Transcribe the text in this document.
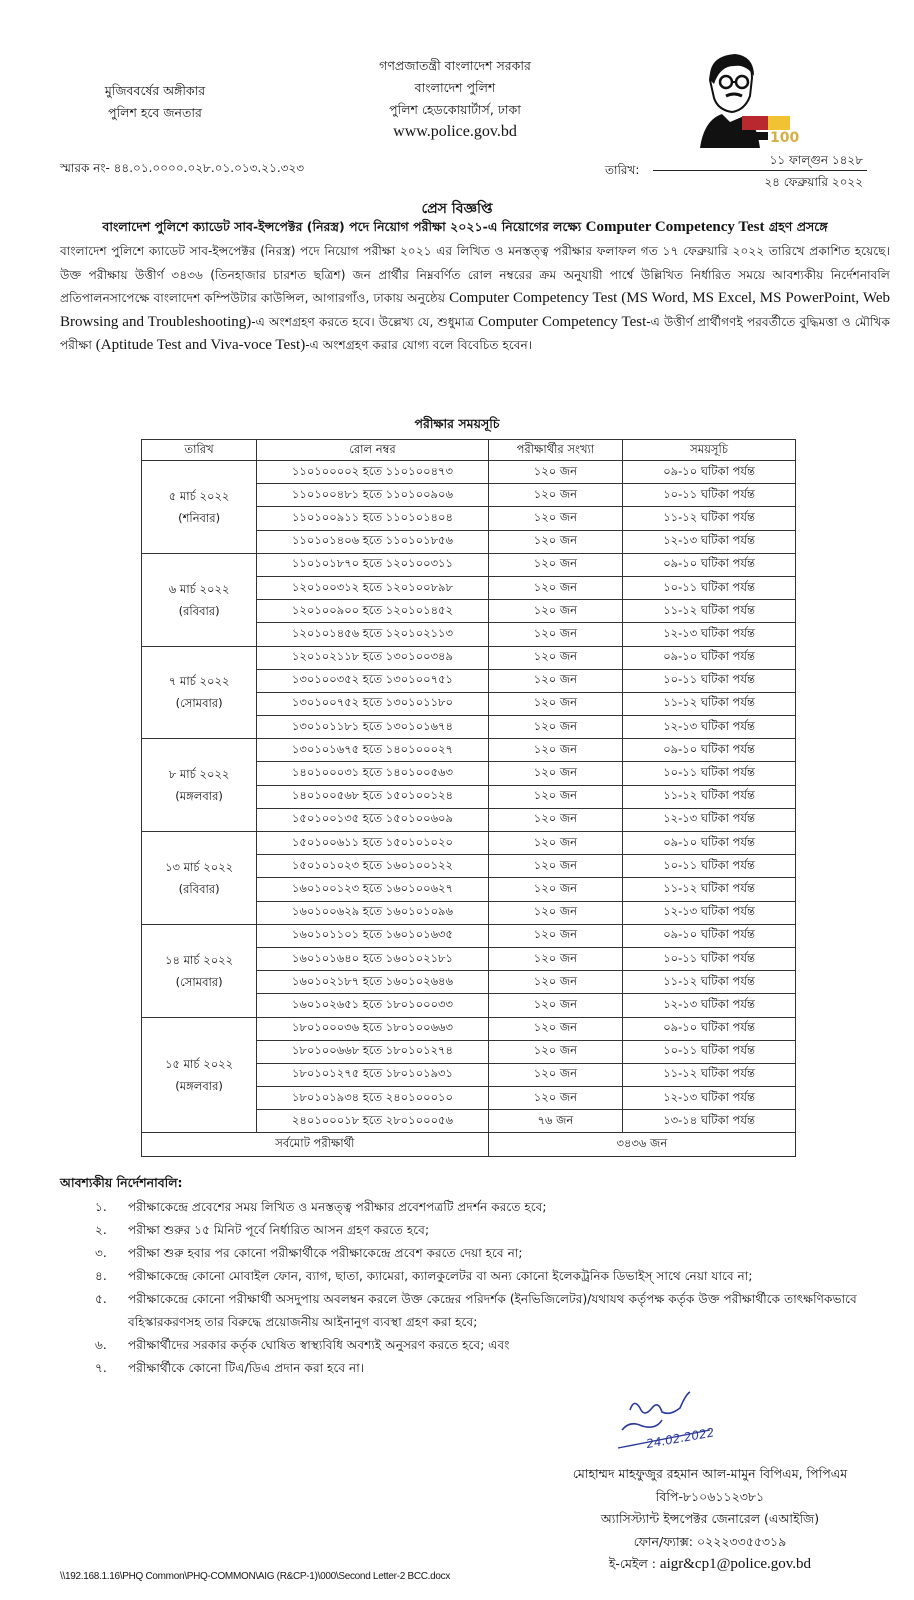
মুজিববর্ষের অঙ্গীকার
পুলিশ হবে জনতার
গণপ্রজাতন্ত্রী বাংলাদেশ সরকার
বাংলাদেশ পুলিশ
পুলিশ হেডকোয়ার্টার্স, ঢাকা
www.police.gov.bd	100
স্মারক নং- ৪৪.০১.০০০০.০২৮.০১.০১৩.২১.৩২৩	তারিখ:
১১ ফাল্গুন ১৪২৮
২৪ ফেব্রুয়ারি ২০২২
প্রেস বিজ্ঞপ্তি
বাংলাদেশ পুলিশে ক্যাডেট সাব-ইন্সপেক্টর (নিরস্ত্র) পদে নিয়োগ পরীক্ষা ২০২১-এ নিয়োগের লক্ষ্যে Computer Competency Test গ্রহণ প্রসঙ্গে
বাংলাদেশ পুলিশে ক্যাডেট সাব-ইন্সপেক্টর (নিরস্ত্র) পদে নিয়োগ পরীক্ষা ২০২১ এর লিখিত ও মনস্তত্ত্ব পরীক্ষার ফলাফল গত ১৭ ফেব্রুয়ারি ২০২২ তারিখে প্রকাশিত হয়েছে। উক্ত পরীক্ষায় উত্তীর্ণ ৩৪৩৬ (তিনহাজার চারশত ছত্রিশ) জন প্রার্থীর নিম্নবর্ণিত রোল নম্বরের ক্রম অনুযায়ী পার্শ্বে উল্লিখিত নির্ধারিত সময়ে আবশ্যকীয় নির্দেশনাবলি প্রতিপালনসাপেক্ষে বাংলাদেশ কম্পিউটার কাউন্সিল, আগারগাঁও, ঢাকায় অনুষ্ঠেয় Computer Competency Test (MS Word, MS Excel, MS PowerPoint, Web Browsing and Troubleshooting)-এ অংশগ্রহণ করতে হবে। উল্লেখ্য যে, শুধুমাত্র Computer Competency Test-এ উত্তীর্ণ প্রার্থীগণই পরবর্তীতে বুদ্ধিমত্তা ও মৌখিক পরীক্ষা (Aptitude Test and Viva-voce Test)-এ অংশগ্রহণ করার যোগ্য বলে বিবেচিত হবেন।
পরীক্ষার সময়সূচি
তারিখ	রোল নম্বর	পরীক্ষার্থীর সংখ্যা	সময়সূচি

৫ মার্চ ২০২২
(শনিবার)	১১০১০০০০২ হতে ১১০১০০৪৭৩	১২০ জন	০৯-১০ ঘটিকা পর্যন্ত
	১১০১০০৪৮১ হতে ১১০১০০৯০৬	১২০ জন	১০-১১ ঘটিকা পর্যন্ত
	১১০১০০৯১১ হতে ১১০১০১৪০৪	১২০ জন	১১-১২ ঘটিকা পর্যন্ত
	১১০১০১৪০৬ হতে ১১০১০১৮৫৬	১২০ জন	১২-১৩ ঘটিকা পর্যন্ত

৬ মার্চ ২০২২
(রবিবার)	১১০১০১৮৭০ হতে ১২০১০০৩১১	১২০ জন	০৯-১০ ঘটিকা পর্যন্ত
	১২০১০০৩১২ হতে ১২০১০০৮৯৮	১২০ জন	১০-১১ ঘটিকা পর্যন্ত
	১২০১০০৯০০ হতে ১২০১০১৪৫২	১২০ জন	১১-১২ ঘটিকা পর্যন্ত
	১২০১০১৪৫৬ হতে ১২০১০২১১৩	১২০ জন	১২-১৩ ঘটিকা পর্যন্ত

৭ মার্চ ২০২২
(সোমবার)	১২০১০২১১৮ হতে ১৩০১০০৩৪৯	১২০ জন	০৯-১০ ঘটিকা পর্যন্ত
	১৩০১০০৩৫২ হতে ১৩০১০০৭৫১	১২০ জন	১০-১১ ঘটিকা পর্যন্ত
	১৩০১০০৭৫২ হতে ১৩০১০১১৮০	১২০ জন	১১-১২ ঘটিকা পর্যন্ত
	১৩০১০১১৮১ হতে ১৩০১০১৬৭৪	১২০ জন	১২-১৩ ঘটিকা পর্যন্ত

৮ মার্চ ২০২২
(মঙ্গলবার)	১৩০১০১৬৭৫ হতে ১৪০১০০০২৭	১২০ জন	০৯-১০ ঘটিকা পর্যন্ত
	১৪০১০০০৩১ হতে ১৪০১০০৫৬৩	১২০ জন	১০-১১ ঘটিকা পর্যন্ত
	১৪০১০০৫৬৮ হতে ১৫০১০০১২৪	১২০ জন	১১-১২ ঘটিকা পর্যন্ত
	১৫০১০০১৩৫ হতে ১৫০১০০৬০৯	১২০ জন	১২-১৩ ঘটিকা পর্যন্ত

১৩ মার্চ ২০২২
(রবিবার)	১৫০১০০৬১১ হতে ১৫০১০১০২০	১২০ জন	০৯-১০ ঘটিকা পর্যন্ত
	১৫০১০১০২৩ হতে ১৬০১০০১২২	১২০ জন	১০-১১ ঘটিকা পর্যন্ত
	১৬০১০০১২৩ হতে ১৬০১০০৬২৭	১২০ জন	১১-১২ ঘটিকা পর্যন্ত
	১৬০১০০৬২৯ হতে ১৬০১০১০৯৬	১২০ জন	১২-১৩ ঘটিকা পর্যন্ত

১৪ মার্চ ২০২২
(সোমবার)	১৬০১০১১০১ হতে ১৬০১০১৬৩৫	১২০ জন	০৯-১০ ঘটিকা পর্যন্ত
	১৬০১০১৬৪০ হতে ১৬০১০২১৮১	১২০ জন	১০-১১ ঘটিকা পর্যন্ত
	১৬০১০২১৮৭ হতে ১৬০১০২৬৪৬	১২০ জন	১১-১২ ঘটিকা পর্যন্ত
	১৬০১০২৬৫১ হতে ১৮০১০০০৩৩	১২০ জন	১২-১৩ ঘটিকা পর্যন্ত

১৫ মার্চ ২০২২
(মঙ্গলবার)	১৮০১০০০৩৬ হতে ১৮০১০০৬৬৩	১২০ জন	০৯-১০ ঘটিকা পর্যন্ত
	১৮০১০০৬৬৮ হতে ১৮০১০১২৭৪	১২০ জন	১০-১১ ঘটিকা পর্যন্ত
	১৮০১০১২৭৫ হতে ১৮০১০১৯৩১	১২০ জন	১১-১২ ঘটিকা পর্যন্ত
	১৮০১০১৯৩৪ হতে ২৪০১০০০১০	১২০ জন	১২-১৩ ঘটিকা পর্যন্ত
	২৪০১০০০১৮ হতে ২৮০১০০০৫৬	৭৬ জন	১৩-১৪ ঘটিকা পর্যন্ত
সর্বমোট পরীক্ষার্থী		৩৪৩৬ জন	
আবশ্যকীয় নির্দেশনাবলি:
১.	পরীক্ষাকেন্দ্রে প্রবেশের সময় লিখিত ও মনস্তত্ত্ব পরীক্ষার প্রবেশপত্রটি প্রদর্শন করতে হবে;
২.	পরীক্ষা শুরুর ১৫ মিনিট পূর্বে নির্ধারিত আসন গ্রহণ করতে হবে;
৩.	পরীক্ষা শুরু হবার পর কোনো পরীক্ষার্থীকে পরীক্ষাকেন্দ্রে প্রবেশ করতে দেয়া হবে না;
৪.	পরীক্ষাকেন্দ্রে কোনো মোবাইল ফোন, ব্যাগ, ছাতা, ক্যামেরা, ক্যালকুলেটর বা অন্য কোনো ইলেকট্রনিক ডিভাইস্ সাথে নেয়া যাবে না;
৫.	পরীক্ষাকেন্দ্রে কোনো পরীক্ষার্থী অসদুপায় অবলম্বন করলে উক্ত কেন্দ্রের পরিদর্শক (ইনভিজিলেটর)/যথাযথ কর্তৃপক্ষ কর্তৃক উক্ত পরীক্ষার্থীকে তাৎক্ষণিকভাবে বহিস্কারকরণসহ তার বিরুদ্ধে প্রয়োজনীয় আইনানুগ ব্যবস্থা গ্রহণ করা হবে;
৬.	পরীক্ষার্থীদের সরকার কর্তৃক ঘোষিত স্বাস্থ্যবিধি অবশ্যই অনুসরণ করতে হবে; এবং
৭.	পরীক্ষার্থীকে কোনো টিএ/ডিএ প্রদান করা হবে না।
24.02.2022
মোহাম্মদ মাহফুজুর রহমান আল-মামুন বিপিএম, পিপিএম
বিপি-৮১০৬১১২৩৮১
অ্যাসিস্ট্যান্ট ইন্সপেক্টর জেনারেল (এআইজি)
ফোন/ফ্যাক্স: ০২২২৩৩৫৫৩১৯
ই-মেইল : aigr&cp1@police.gov.bd
\\192.168.1.16\PHQ Common\PHQ-COMMON\AIG (R&CP-1)\000\Second Letter-2 BCC.docx
